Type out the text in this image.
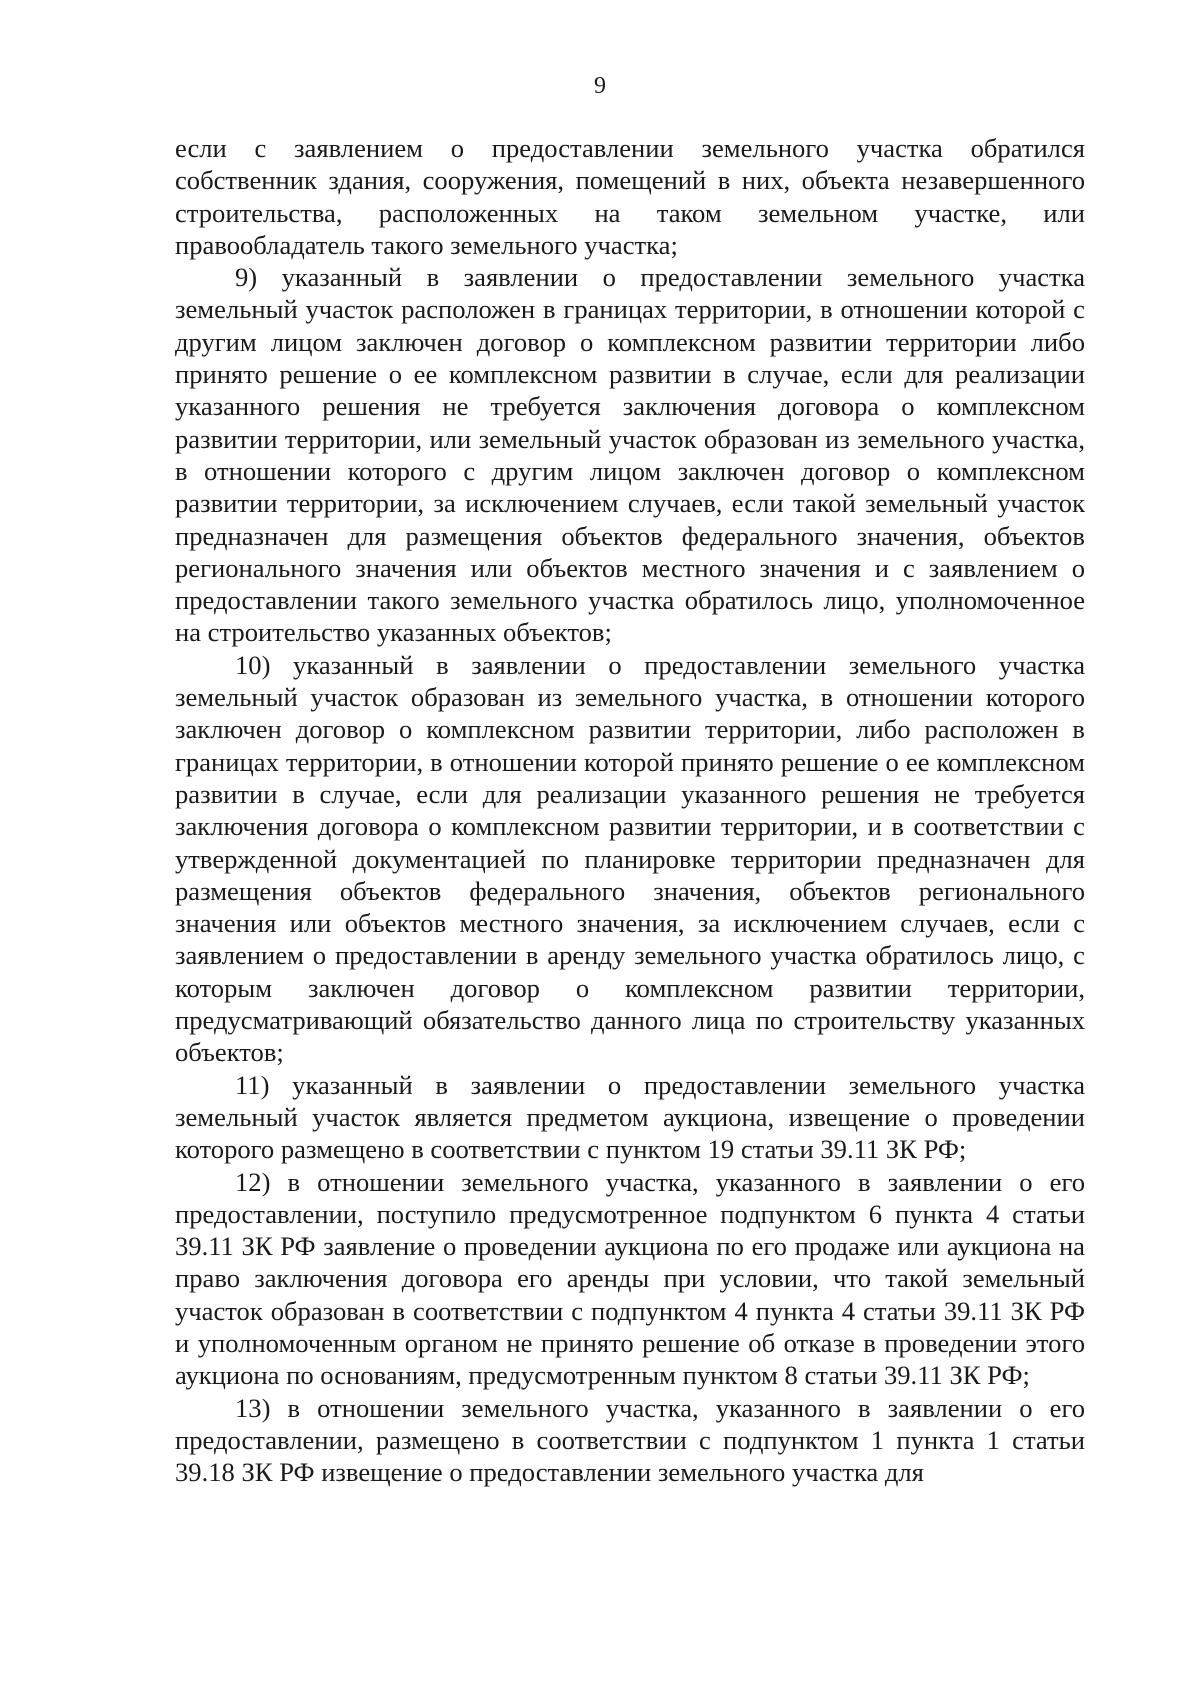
9

если с заявлением о предоставлении земельного участка обратился собственник здания, сооружения, помещений в них, объекта незавершенного строительства, расположенных на таком земельном участке, или правообладатель такого земельного участка;

9) указанный в заявлении о предоставлении земельного участка земельный участок расположен в границах территории, в отношении которой с другим лицом заключен договор о комплексном развитии территории либо принято решение о ее комплексном развитии в случае, если для реализации указанного решения не требуется заключения договора о комплексном развитии территории, или земельный участок образован из земельного участка, в отношении которого с другим лицом заключен договор о комплексном развитии территории, за исключением случаев, если такой земельный участок предназначен для размещения объектов федерального значения, объектов регионального значения или объектов местного значения и с заявлением о предоставлении такого земельного участка обратилось лицо, уполномоченное на строительство указанных объектов;

10) указанный в заявлении о предоставлении земельного участка земельный участок образован из земельного участка, в отношении которого заключен договор о комплексном развитии территории, либо расположен в границах территории, в отношении которой принято решение о ее комплексном развитии в случае, если для реализации указанного решения не требуется заключения договора о комплексном развитии территории, и в соответствии с утвержденной документацией по планировке территории предназначен для размещения объектов федерального значения, объектов регионального значения или объектов местного значения, за исключением случаев, если с заявлением о предоставлении в аренду земельного участка обратилось лицо, с которым заключен договор о комплексном развитии территории, предусматривающий обязательство данного лица по строительству указанных объектов;

11) указанный в заявлении о предоставлении земельного участка земельный участок является предметом аукциона, извещение о проведении которого размещено в соответствии с пунктом 19 статьи 39.11 ЗК РФ;

12) в отношении земельного участка, указанного в заявлении о его предоставлении, поступило предусмотренное подпунктом 6 пункта 4 статьи 39.11 ЗК РФ заявление о проведении аукциона по его продаже или аукциона на право заключения договора его аренды при условии, что такой земельный участок образован в соответствии с подпунктом 4 пункта 4 статьи 39.11 ЗК РФ и уполномоченным органом не принято решение об отказе в проведении этого аукциона по основаниям, предусмотренным пунктом 8 статьи 39.11 ЗК РФ;

13) в отношении земельного участка, указанного в заявлении о его предоставлении, размещено в соответствии с подпунктом 1 пункта 1 статьи 39.18 ЗК РФ извещение о предоставлении земельного участка для
